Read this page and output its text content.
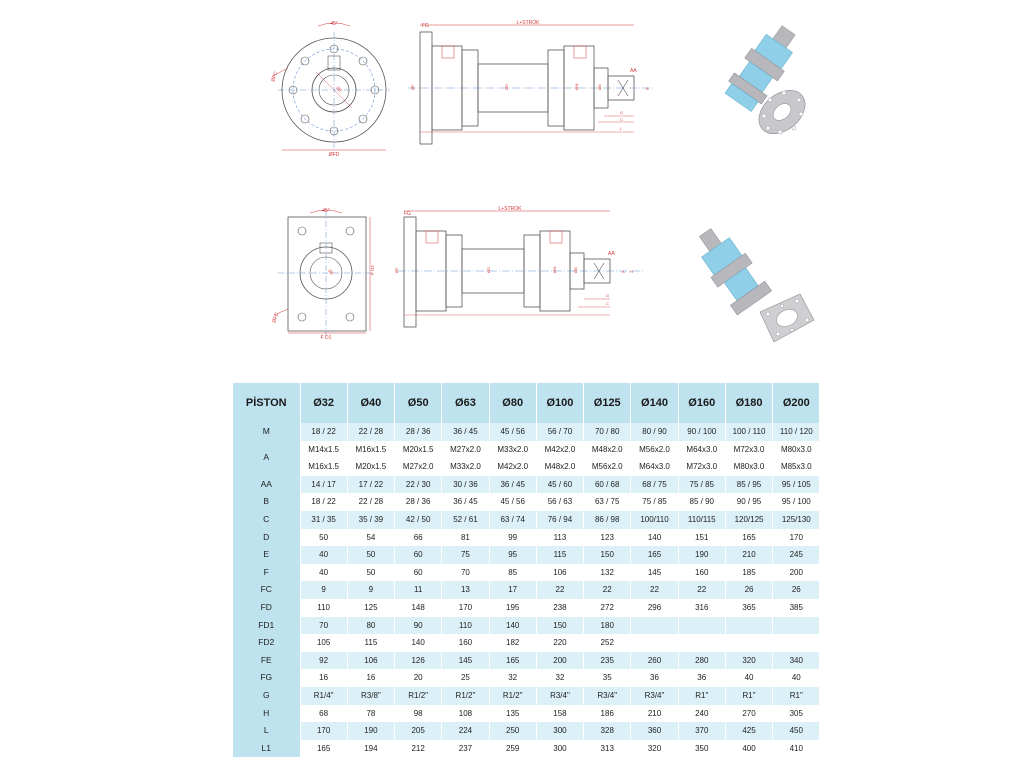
45°
ØFC
ØFD
ØE
FG	L+STROK
ØF	ØD	ØM	ØB
AA
A
G
C
L
45°
ØFC
F D1
F D2
ØE
FG
L+STROK
ØF	ØD	ØM	ØB
AA
A H
G
C
PİSTON	Ø32	Ø40	Ø50	Ø63	Ø80	Ø100	Ø125	Ø140	Ø160	Ø180	Ø200
M	18 / 22	22 / 28	28 / 36	36 / 45	45 / 56	56 / 70	70 / 80	80 / 90	90 / 100	100 / 110	110 / 120
A	M14x1.5	M16x1.5	M20x1.5	M27x2.0	M33x2.0	M42x2.0	M48x2.0	M56x2.0	M64x3.0	M72x3.0	M80x3.0
	M16x1.5	M20x1.5	M27x2.0	M33x2.0	M42x2.0	M48x2.0	M56x2.0	M64x3.0	M72x3.0	M80x3.0	M85x3.0
AA	14 / 17	17 / 22	22 / 30	30 / 36	36 / 45	45 / 60	60 / 68	68 / 75	75 / 85	85 / 95	95 / 105
B	18 / 22	22 / 28	28 / 36	36 / 45	45 / 56	56 / 63	63 / 75	75 / 85	85 / 90	90 / 95	95 / 100
C	31 / 35	35 / 39	42 / 50	52 / 61	63 / 74	76 / 94	86 / 98	100/110	110/115	120/125	125/130
D	50	54	66	81	99	113	123	140	151	165	170
E	40	50	60	75	95	115	150	165	190	210	245
F	40	50	60	70	85	106	132	145	160	185	200
FC	9	9	11	13	17	22	22	22	22	26	26
FD	110	125	148	170	195	238	272	296	316	365	385
FD1	70	80	90	110	140	150	180				
FD2	105	115	140	160	182	220	252				
FE	92	106	126	145	165	200	235	260	280	320	340
FG	16	16	20	25	32	32	35	36	36	40	40
G	R1/4"	R3/8"	R1/2"	R1/2"	R1/2"	R3/4"	R3/4"	R3/4"	R1"	R1"	R1"
H	68	78	98	108	135	158	186	210	240	270	305
L	170	190	205	224	250	300	328	360	370	425	450
L1	165	194	212	237	259	300	313	320	350	400	410
